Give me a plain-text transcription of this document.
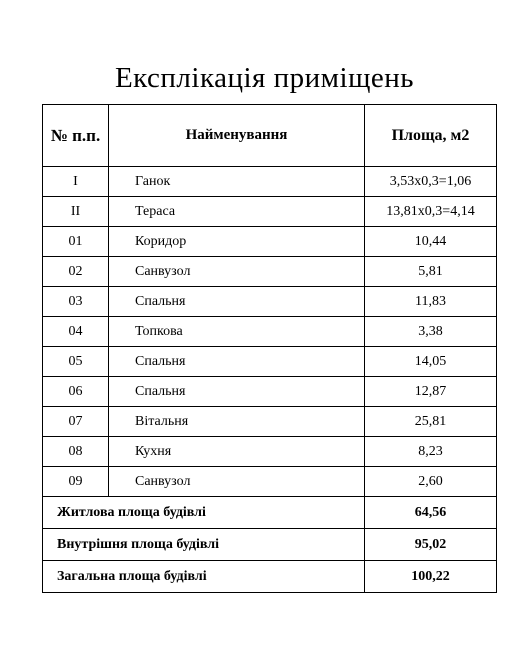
Експлікація приміщень
№ п.п.	Найменування	Площа, м2
I	Ганок	3,53x0,3=1,06
II	Тераса	13,81x0,3=4,14
01	Коридор	10,44
02	Санвузол	5,81
03	Спальня	11,83
04	Топкова	3,38
05	Спальня	14,05
06	Спальня	12,87
07	Вітальня	25,81
08	Кухня	8,23
09	Санвузол	2,60
Житлова площа будівлі		64,56
Внутрішня площа будівлі		95,02
Загальна площа будівлі		100,22
